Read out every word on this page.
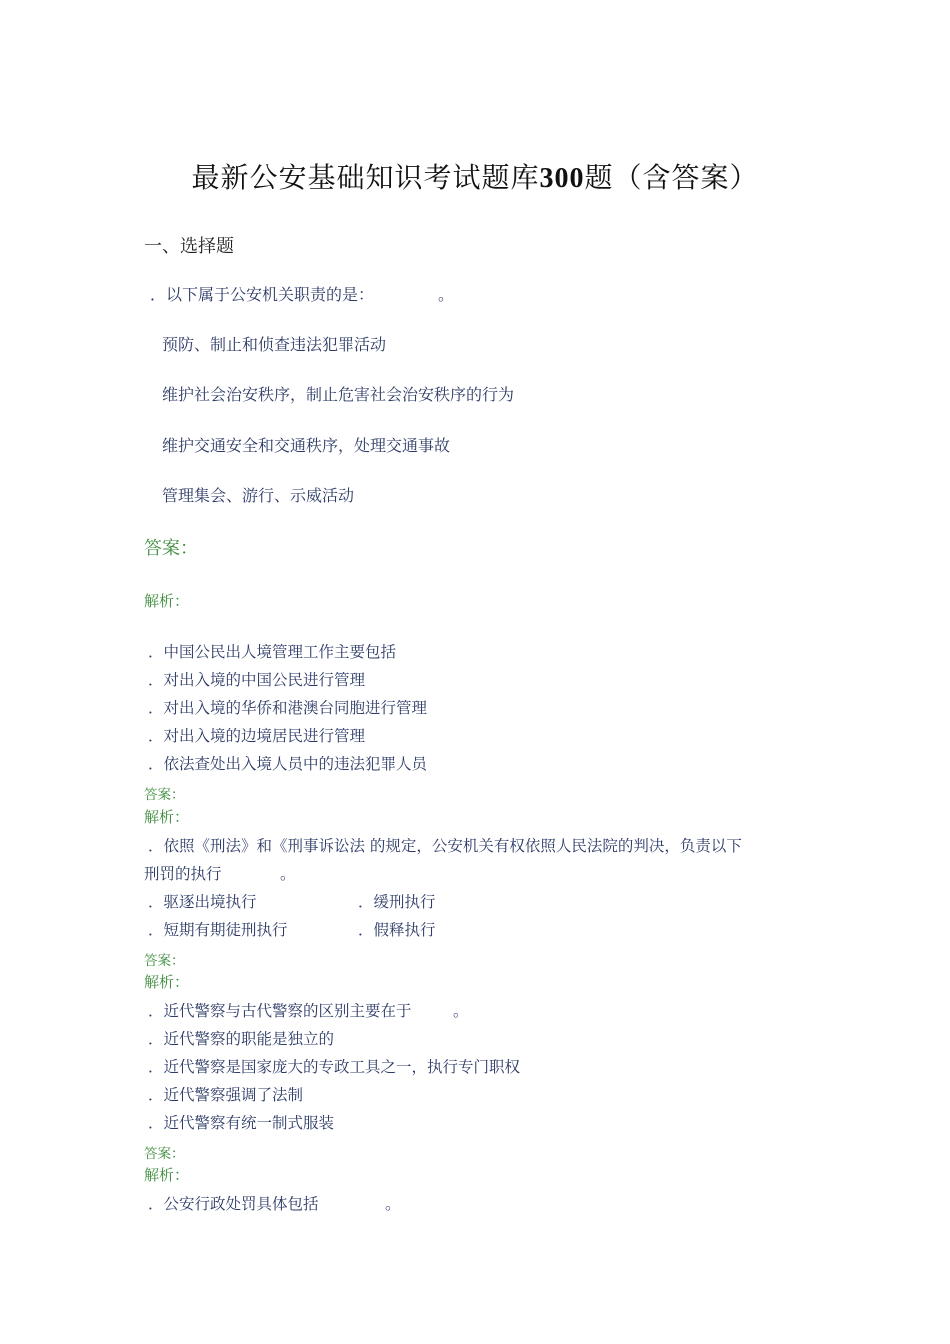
最新公安基础知识考试题库300题（含答案）
一、选择题
．以下属于公安机关职责的是：	。
预防、制止和侦查违法犯罪活动
维护社会治安秩序，制止危害社会治安秩序的行为
维护交通安全和交通秩序，处理交通事故
管理集会、游行、示威活动
答案：
解析：
．中国公民出人境管理工作主要包括
．对出入境的中国公民进行管理
．对出入境的华侨和港澳台同胞进行管理
．对出入境的边境居民进行管理
．依法查处出入境人员中的违法犯罪人员
答案：
解析：
．依照《刑法》和《刑事诉讼法 的规定，公安机关有权依照人民法院的判决，负责以下
刑罚的执行	。
．驱逐出境执行	．缓刑执行
．短期有期徒刑执行	．假释执行
答案：
解析：
．近代警察与古代警察的区别主要在于	。
．近代警察的职能是独立的
．近代警察是国家庞大的专政工具之一，执行专门职权
．近代警察强调了法制
．近代警察有统一制式服装
答案：
解析：
．公安行政处罚具体包括	。
